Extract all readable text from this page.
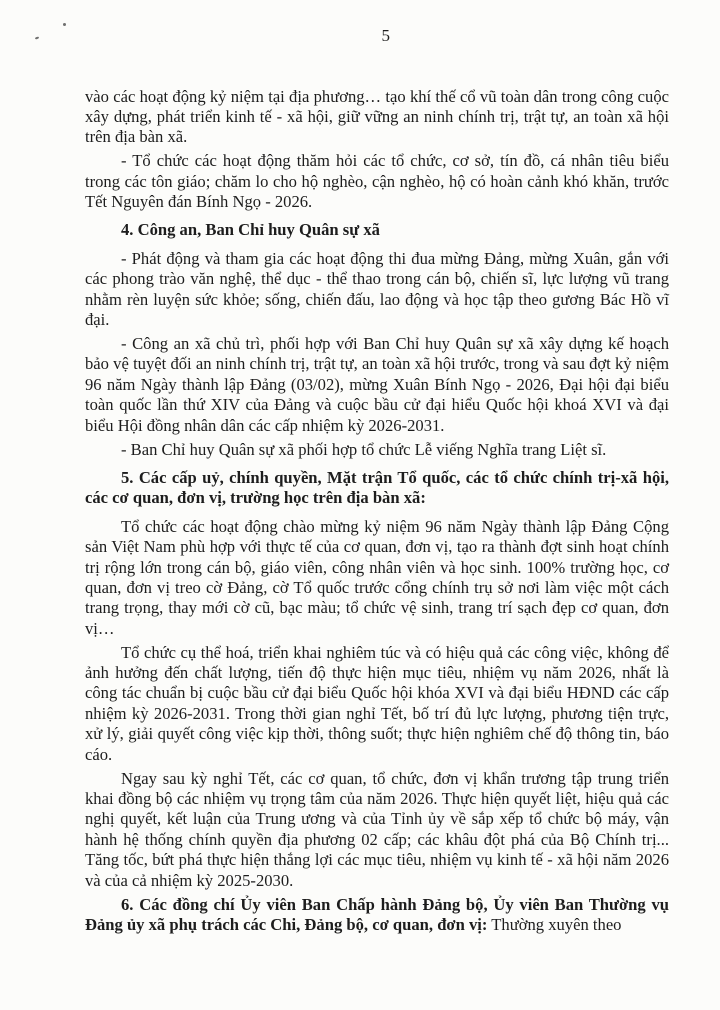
5

vào các hoạt động kỷ niệm tại địa phương… tạo khí thế cổ vũ toàn dân trong công cuộc xây dựng, phát triển kinh tế - xã hội, giữ vững an ninh chính trị, trật tự, an toàn xã hội trên địa bàn xã.

- Tổ chức các hoạt động thăm hỏi các tổ chức, cơ sở, tín đồ, cá nhân tiêu biểu trong các tôn giáo; chăm lo cho hộ nghèo, cận nghèo, hộ có hoàn cảnh khó khăn, trước Tết Nguyên đán Bính Ngọ - 2026.

4. Công an, Ban Chỉ huy Quân sự xã

- Phát động và tham gia các hoạt động thi đua mừng Đảng, mừng Xuân, gắn với các phong trào văn nghệ, thể dục - thể thao trong cán bộ, chiến sĩ, lực lượng vũ trang nhằm rèn luyện sức khỏe; sống, chiến đấu, lao động và học tập theo gương Bác Hồ vĩ đại.

- Công an xã chủ trì, phối hợp với Ban Chỉ huy Quân sự xã xây dựng kế hoạch bảo vệ tuyệt đối an ninh chính trị, trật tự, an toàn xã hội trước, trong và sau đợt kỷ niệm 96 năm Ngày thành lập Đảng (03/02), mừng Xuân Bính Ngọ - 2026, Đại hội đại biểu toàn quốc lần thứ XIV của Đảng và cuộc bầu cử đại hiểu Quốc hội khoá XVI và đại biểu Hội đồng nhân dân các cấp nhiệm kỳ 2026-2031.

- Ban Chỉ huy Quân sự xã phối hợp tổ chức Lễ viếng Nghĩa trang Liệt sĩ.

5. Các cấp uỷ, chính quyền, Mặt trận Tổ quốc, các tổ chức chính trị-xã hội, các cơ quan, đơn vị, trường học trên địa bàn xã:

Tổ chức các hoạt động chào mừng kỷ niệm 96 năm Ngày thành lập Đảng Cộng sản Việt Nam phù hợp với thực tế của cơ quan, đơn vị, tạo ra thành đợt sinh hoạt chính trị rộng lớn trong cán bộ, giáo viên, công nhân viên và học sinh. 100% trường học, cơ quan, đơn vị treo cờ Đảng, cờ Tổ quốc trước cổng chính trụ sở nơi làm việc một cách trang trọng, thay mới cờ cũ, bạc màu; tổ chức vệ sinh, trang trí sạch đẹp cơ quan, đơn vị…

Tổ chức cụ thể hoá, triển khai nghiêm túc và có hiệu quả các công việc, không để ảnh hưởng đến chất lượng, tiến độ thực hiện mục tiêu, nhiệm vụ năm 2026, nhất là công tác chuẩn bị cuộc bầu cử đại biểu Quốc hội khóa XVI và đại biểu HĐND các cấp nhiệm kỳ 2026-2031. Trong thời gian nghỉ Tết, bố trí đủ lực lượng, phương tiện trực, xử lý, giải quyết công việc kịp thời, thông suốt; thực hiện nghiêm chế độ thông tin, báo cáo.

Ngay sau kỳ nghỉ Tết, các cơ quan, tổ chức, đơn vị khẩn trương tập trung triển khai đồng bộ các nhiệm vụ trọng tâm của năm 2026. Thực hiện quyết liệt, hiệu quả các nghị quyết, kết luận của Trung ương và của Tỉnh ủy về sắp xếp tổ chức bộ máy, vận hành hệ thống chính quyền địa phương 02 cấp; các khâu đột phá của Bộ Chính trị... Tăng tốc, bứt phá thực hiện thắng lợi các mục tiêu, nhiệm vụ kinh tế - xã hội năm 2026 và của cả nhiệm kỳ 2025-2030.

6. Các đồng chí Ủy viên Ban Chấp hành Đảng bộ, Ủy viên Ban Thường vụ Đảng ủy xã phụ trách các Chi, Đảng bộ, cơ quan, đơn vị: Thường xuyên theo
